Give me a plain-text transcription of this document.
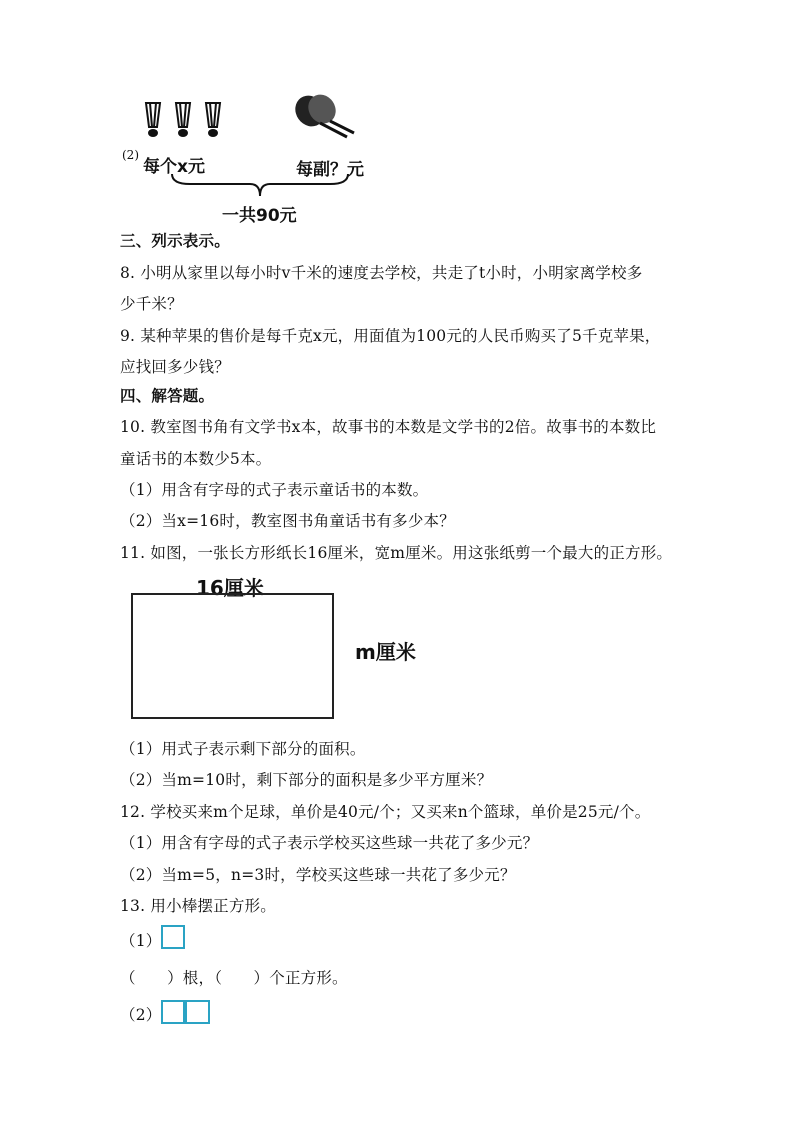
(2)
每个x元	每副？元
一共90元
三、列示表示。
8. 小明从家里以每小时v千米的速度去学校，共走了t小时，小明家离学校多
少千米？
9. 某种苹果的售价是每千克x元，用面值为100元的人民币购买了5千克苹果，
应找回多少钱？
四、解答题。
10. 教室图书角有文学书x本，故事书的本数是文学书的2倍。故事书的本数比
童话书的本数少5本。
（1）用含有字母的式子表示童话书的本数。
（2）当x=16时，教室图书角童话书有多少本？
11. 如图，一张长方形纸长16厘米，宽m厘米。用这张纸剪一个最大的正方形。
16厘米
m厘米
（1）用式子表示剩下部分的面积。
（2）当m=10时，剩下部分的面积是多少平方厘米？
12. 学校买来m个足球，单价是40元/个；又买来n个篮球，单价是25元/个。
（1）用含有字母的式子表示学校买这些球一共花了多少元？
（2）当m=5，n=3时，学校买这些球一共花了多少元？
13. 用小棒摆正方形。
（1）
（　　）根，（　　）个正方形。
（2）
